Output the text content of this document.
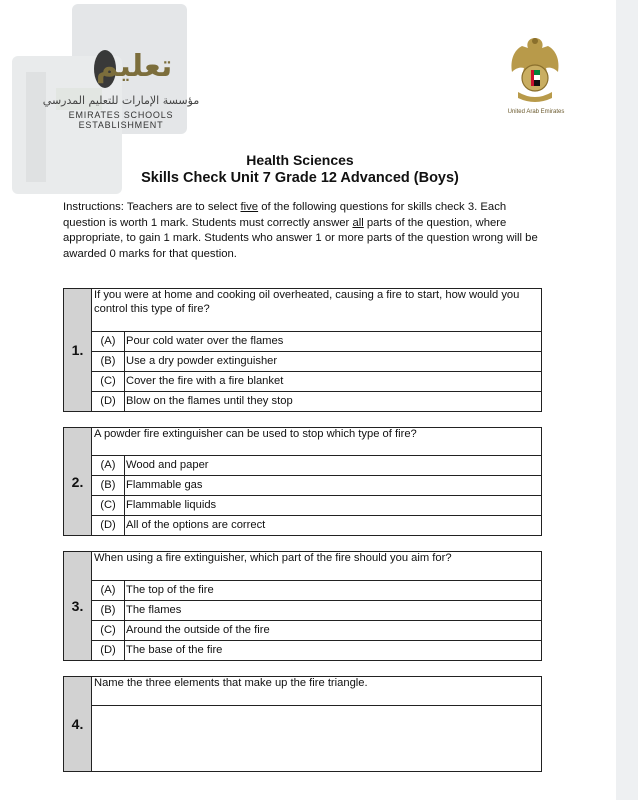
تعليم
مؤسسة الإمارات للتعليم المدرسي
EMIRATES SCHOOLS ESTABLISHMENT
United Arab Emirates
Health Sciences
Skills Check Unit 7 Grade 12 Advanced (Boys)
Instructions: Teachers are to select five of the following questions for skills check 3. Each question is worth 1 mark. Students must correctly answer all parts of the question, where appropriate, to gain 1 mark. Students who answer 1 or more parts of the question wrong will be awarded 0 marks for that question.
1.
If you were at home and cooking oil overheated, causing a fire to start, how would you control this type of fire?
(A) Pour cold water over the flames
(B) Use a dry powder extinguisher
(C) Cover the fire with a fire blanket
(D) Blow on the flames until they stop
2.
A powder fire extinguisher can be used to stop which type of fire?
(A) Wood and paper
(B) Flammable gas
(C) Flammable liquids
(D) All of the options are correct
3.
When using a fire extinguisher, which part of the fire should you aim for?
(A) The top of the fire
(B) The flames
(C) Around the outside of the fire
(D) The base of the fire
4.
Name the three elements that make up the fire triangle.
